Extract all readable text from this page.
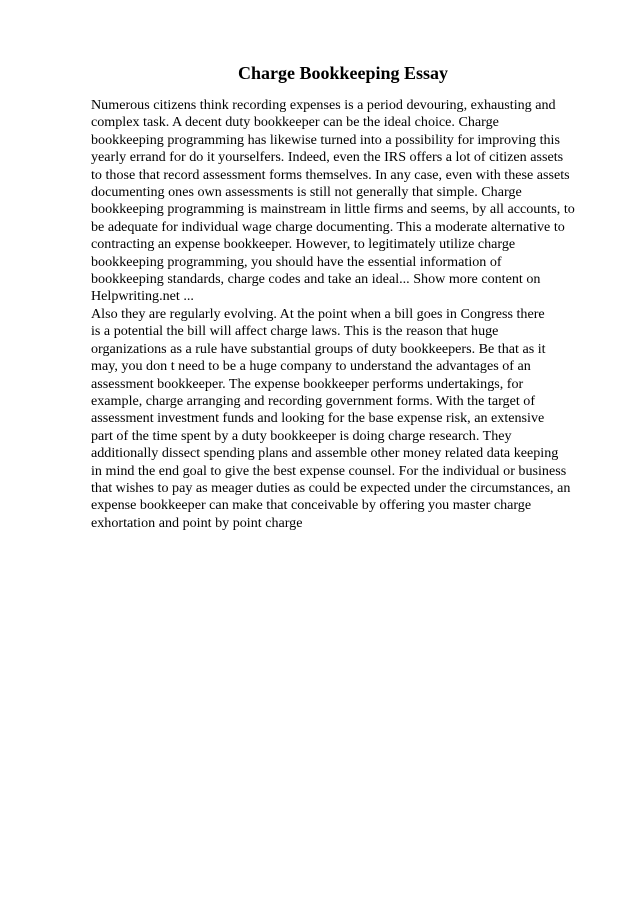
Charge Bookkeeping Essay
Numerous citizens think recording expenses is a period devouring, exhausting and
complex task. A decent duty bookkeeper can be the ideal choice. Charge
bookkeeping programming has likewise turned into a possibility for improving this
yearly errand for do it yourselfers. Indeed, even the IRS offers a lot of citizen assets
to those that record assessment forms themselves. In any case, even with these assets
documenting ones own assessments is still not generally that simple. Charge
bookkeeping programming is mainstream in little firms and seems, by all accounts, to
be adequate for individual wage charge documenting. This a moderate alternative to
contracting an expense bookkeeper. However, to legitimately utilize charge
bookkeeping programming, you should have the essential information of
bookkeeping standards, charge codes and take an ideal... Show more content on
Helpwriting.net ...
Also they are regularly evolving. At the point when a bill goes in Congress there
is a potential the bill will affect charge laws. This is the reason that huge
organizations as a rule have substantial groups of duty bookkeepers. Be that as it
may, you don t need to be a huge company to understand the advantages of an
assessment bookkeeper. The expense bookkeeper performs undertakings, for
example, charge arranging and recording government forms. With the target of
assessment investment funds and looking for the base expense risk, an extensive
part of the time spent by a duty bookkeeper is doing charge research. They
additionally dissect spending plans and assemble other money related data keeping
in mind the end goal to give the best expense counsel. For the individual or business
that wishes to pay as meager duties as could be expected under the circumstances, an
expense bookkeeper can make that conceivable by offering you master charge
exhortation and point by point charge
